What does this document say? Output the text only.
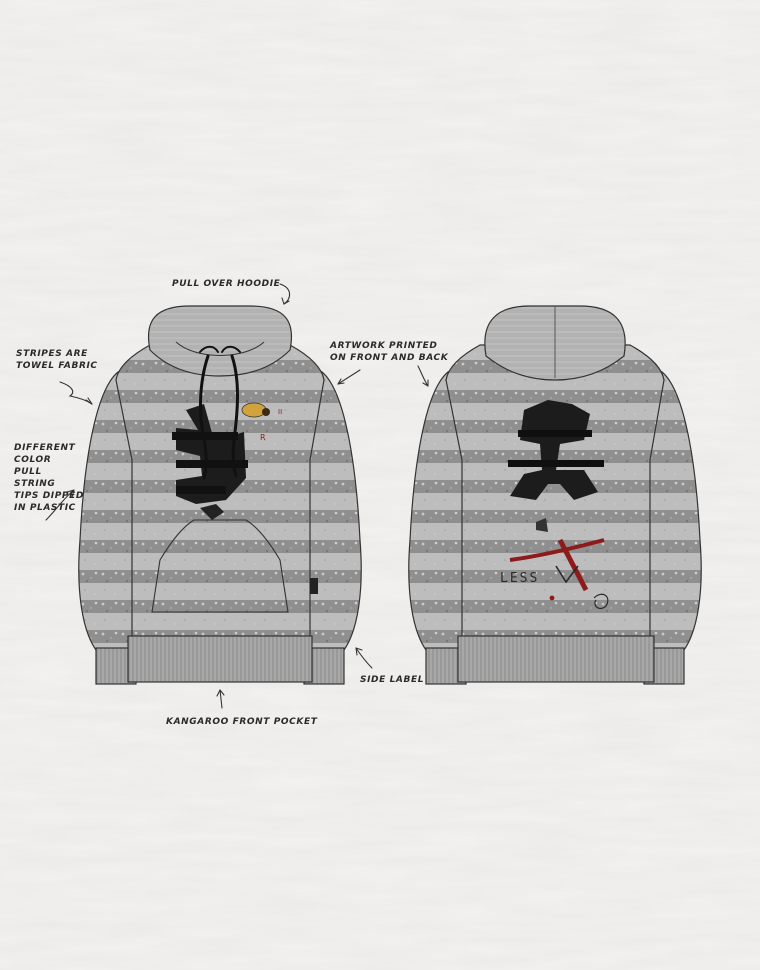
II
R
LESS
PULL OVER HOODIE
STRIPES ARE
TOWEL FABRIC
ARTWORK PRINTED
ON FRONT AND BACK
DIFFERENT
COLOR
PULL
STRING
TIPS DIPPED
IN PLASTIC
SIDE LABEL
KANGAROO FRONT POCKET
